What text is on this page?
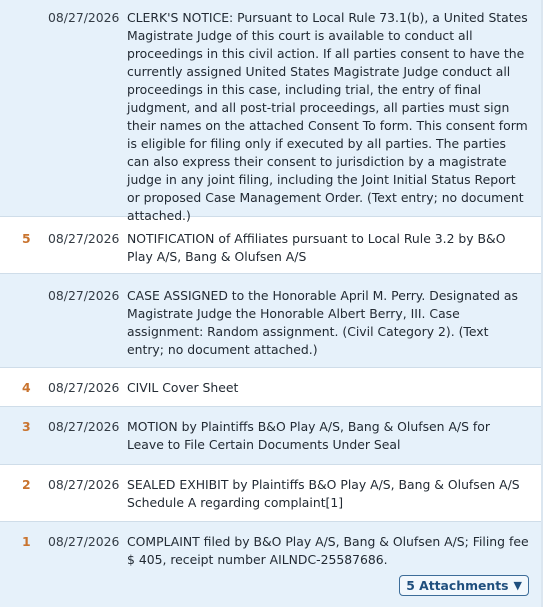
08/27/2026 CLERK'S NOTICE: Pursuant to Local Rule 73.1(b), a United States Magistrate Judge of this court is available to conduct all proceedings in this civil action. If all parties consent to have the currently assigned United States Magistrate Judge conduct all proceedings in this case, including trial, the entry of final judgment, and all post-trial proceedings, all parties must sign their names on the attached Consent To form. This consent form is eligible for filing only if executed by all parties. The parties can also express their consent to jurisdiction by a magistrate judge in any joint filing, including the Joint Initial Status Report or proposed Case Management Order. (Text entry; no document attached.)
5	08/27/2026 NOTIFICATION of Affiliates pursuant to Local Rule 3.2 by B&O Play A/S, Bang & Olufsen A/S
08/27/2026 CASE ASSIGNED to the Honorable April M. Perry. Designated as Magistrate Judge the Honorable Albert Berry, III. Case assignment: Random assignment. (Civil Category 2). (Text entry; no document attached.)
4	08/27/2026 CIVIL Cover Sheet
3	08/27/2026 MOTION by Plaintiffs B&O Play A/S, Bang & Olufsen A/S for Leave to File Certain Documents Under Seal
2	08/27/2026 SEALED EXHIBIT by Plaintiffs B&O Play A/S, Bang & Olufsen A/S Schedule A regarding complaint[1]
1	08/27/2026 COMPLAINT filed by B&O Play A/S, Bang & Olufsen A/S; Filing fee $ 405, receipt number AILNDC-25587686.
5 Attachments ▼
